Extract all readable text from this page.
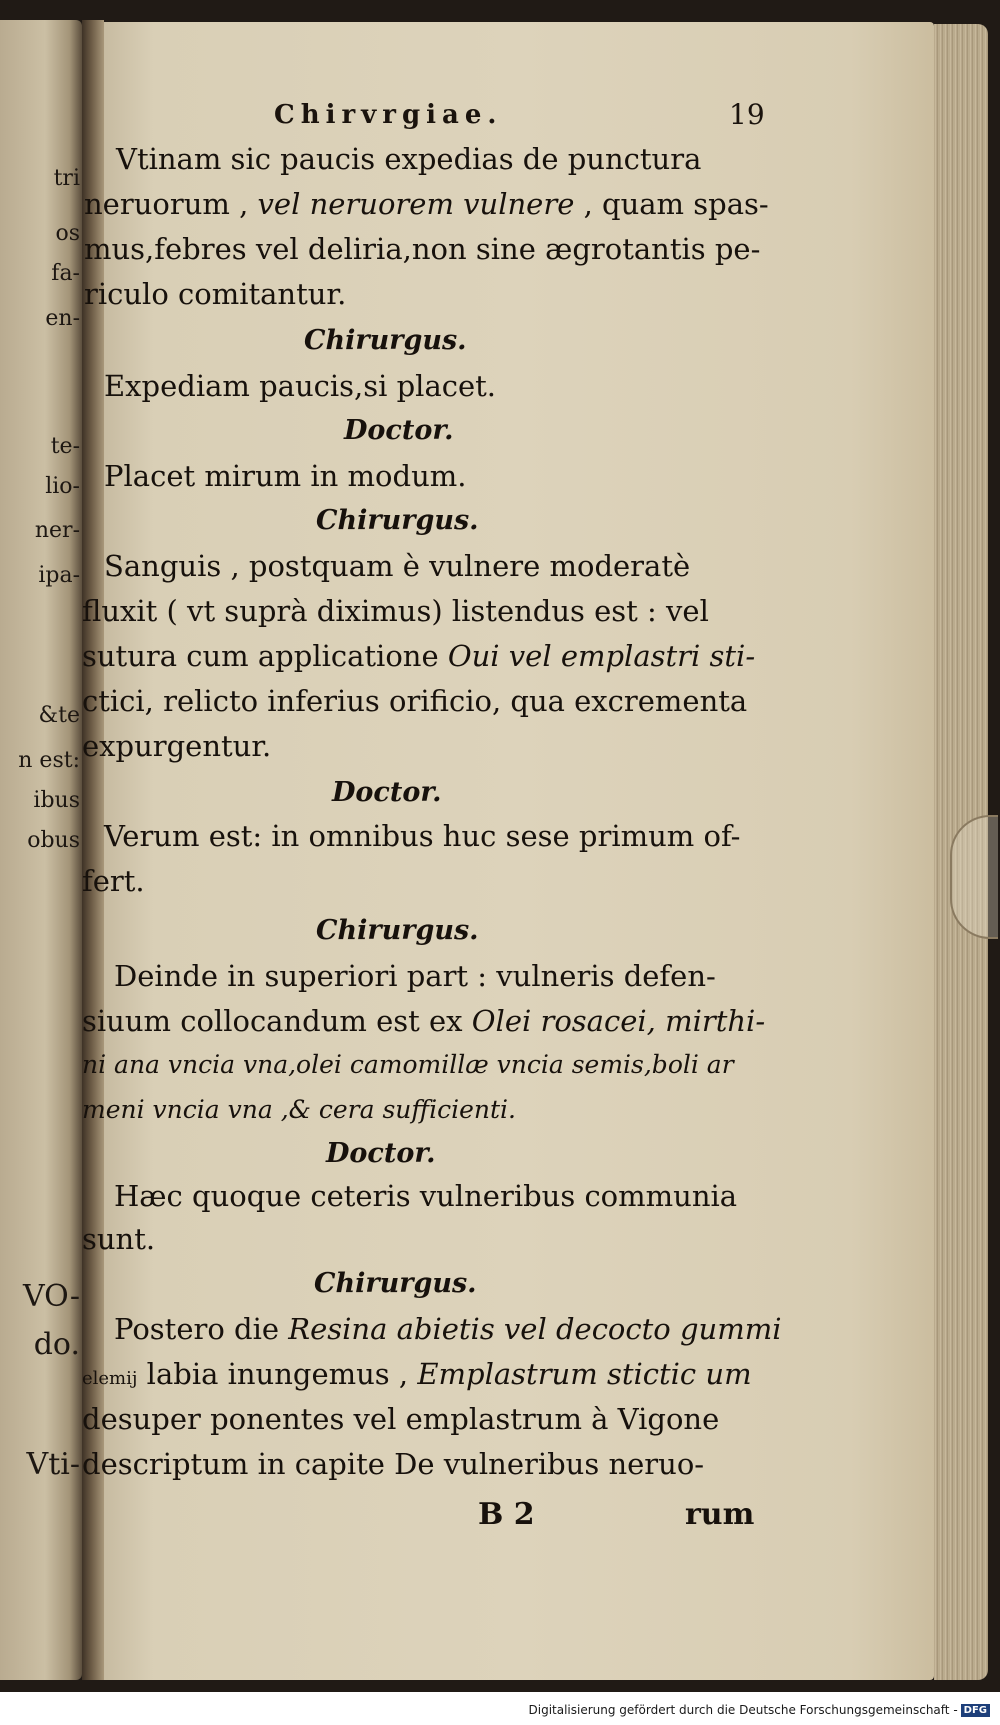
tri
os
fa-
en-
te-
lio-
ner-
ipa-
&te
n est:
ibus
obus
VO-
do.
Vti-
Chirvrgiae.	19
Vtinam sic paucis expedias de punctura
neruorum , vel neruorem vulnere , quam spas-
mus,febres vel deliria,non sine ægrotantis pe-
riculo comitantur.
Chirurgus.
Expediam paucis,si placet.
Doctor.
Placet mirum in modum.
Chirurgus.
Sanguis , postquam è vulnere moderatè
fluxit ( vt suprà diximus) listendus est : vel
sutura cum applicatione Oui vel emplastri sti-
ctici, relicto inferius orificio, qua excrementa
expurgentur.
Doctor.
Verum est: in omnibus huc sese primum of-
fert.
Chirurgus.
Deinde in superiori part : vulneris defen-
siuum collocandum est ex Olei rosacei, mirthi-
ni ana vncia vna,olei camomillæ vncia semis,boli ar
meni vncia vna ,& cera sufficienti.
Doctor.
Hæc quoque ceteris vulneribus communia
sunt.
Chirurgus.
Postero die Resina abietis vel decocto gummi
elemij labia inungemus , Emplastrum stictic um
desuper ponentes vel emplastrum à Vigone
descriptum in capite De vulneribus neruo-
B 2	rum
Digitalisierung gefördert durch die Deutsche Forschungsgemeinschaft - DFG
